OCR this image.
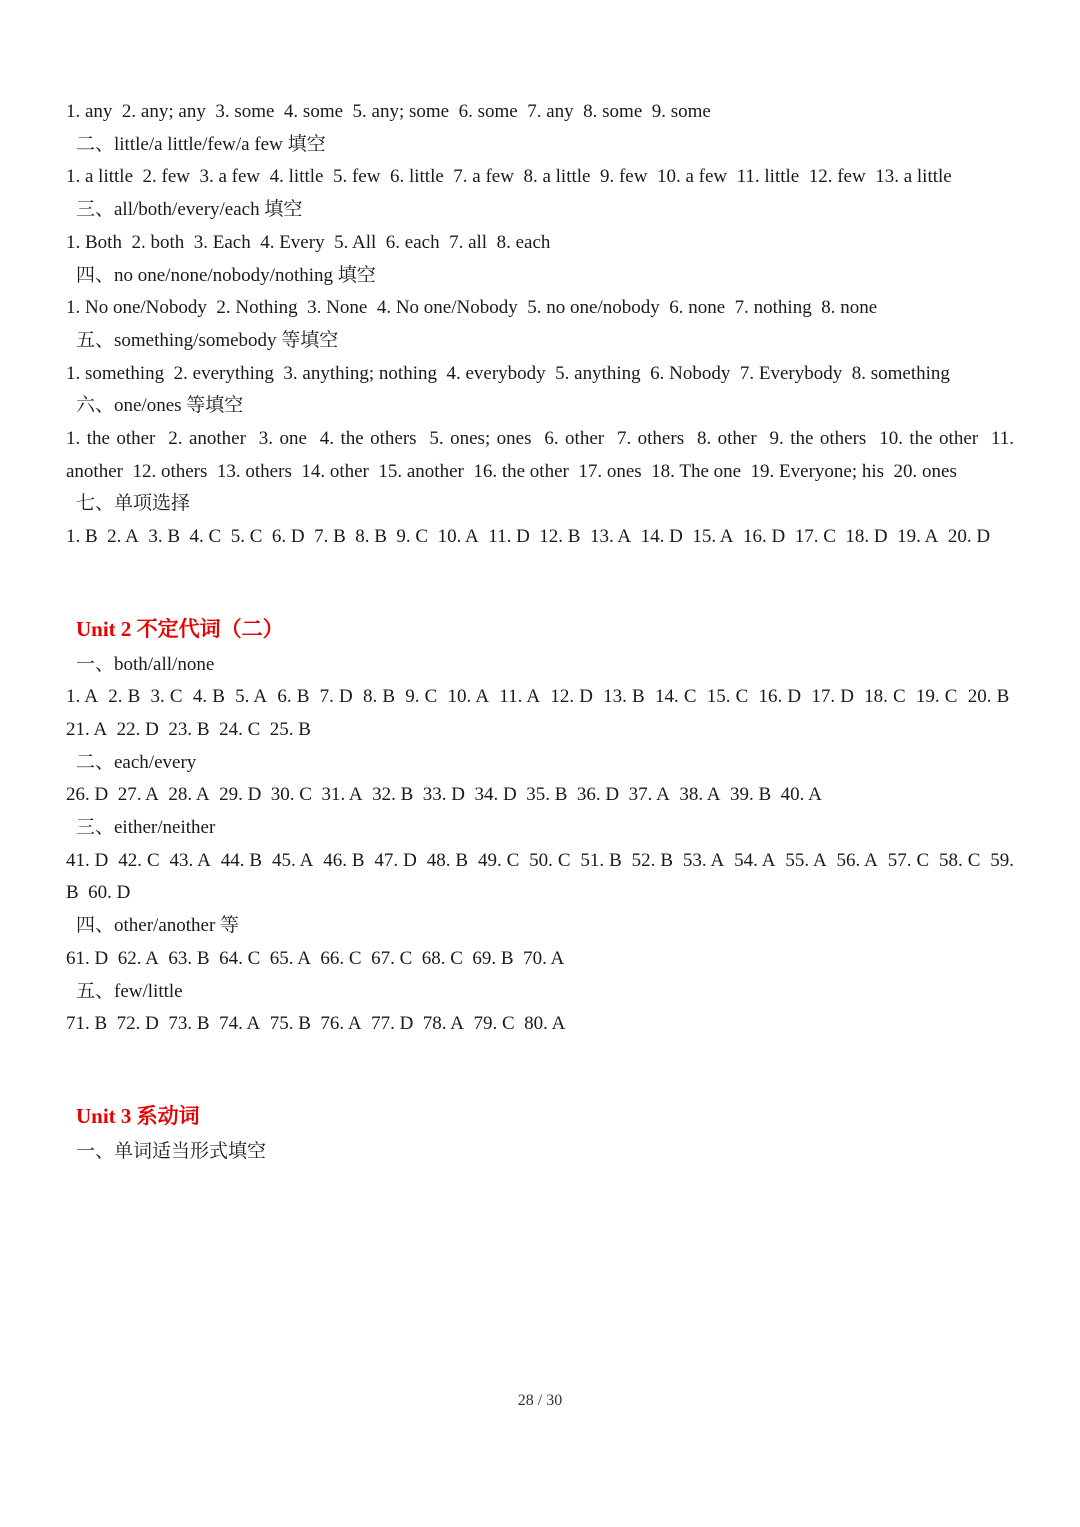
1. any  2. any; any  3. some  4. some  5. any; some  6. some  7. any  8. some  9. some
二、little/a little/few/a few 填空
1. a little  2. few  3. a few  4. little  5. few  6. little  7. a few  8. a little  9. few  10. a few  11. little  12. few  13. a little
三、all/both/every/each 填空
1. Both  2. both  3. Each  4. Every  5. All  6. each  7. all  8. each
四、no one/none/nobody/nothing 填空
1. No one/Nobody  2. Nothing  3. None  4. No one/Nobody  5. no one/nobody  6. none  7. nothing  8. none
五、something/somebody 等填空
1. something  2. everything  3. anything; nothing  4. everybody  5. anything  6. Nobody  7. Everybody  8. something
六、one/ones 等填空
1. the other  2. another  3. one  4. the others  5. ones; ones  6. other  7. others  8. other  9. the others  10. the other  11. another  12. others  13. others  14. other  15. another  16. the other  17. ones  18. The one  19. Everyone; his  20. ones
七、单项选择
1. B  2. A  3. B  4. C  5. C  6. D  7. B  8. B  9. C  10. A  11. D  12. B  13. A  14. D  15. A  16. D  17. C  18. D  19. A  20. D
Unit 2 不定代词（二）
一、both/all/none
1. A  2. B  3. C  4. B  5. A  6. B  7. D  8. B  9. C  10. A  11. A  12. D  13. B  14. C  15. C  16. D  17. D  18. C  19. C  20. B  21. A  22. D  23. B  24. C  25. B
二、each/every
26. D  27. A  28. A  29. D  30. C  31. A  32. B  33. D  34. D  35. B  36. D  37. A  38. A  39. B  40. A
三、either/neither
41. D  42. C  43. A  44. B  45. A  46. B  47. D  48. B  49. C  50. C  51. B  52. B  53. A  54. A  55. A  56. A  57. C  58. C  59. B  60. D
四、other/another 等
61. D  62. A  63. B  64. C  65. A  66. C  67. C  68. C  69. B  70. A
五、few/little
71. B  72. D  73. B  74. A  75. B  76. A  77. D  78. A  79. C  80. A
Unit 3 系动词
一、单词适当形式填空
28 / 30
